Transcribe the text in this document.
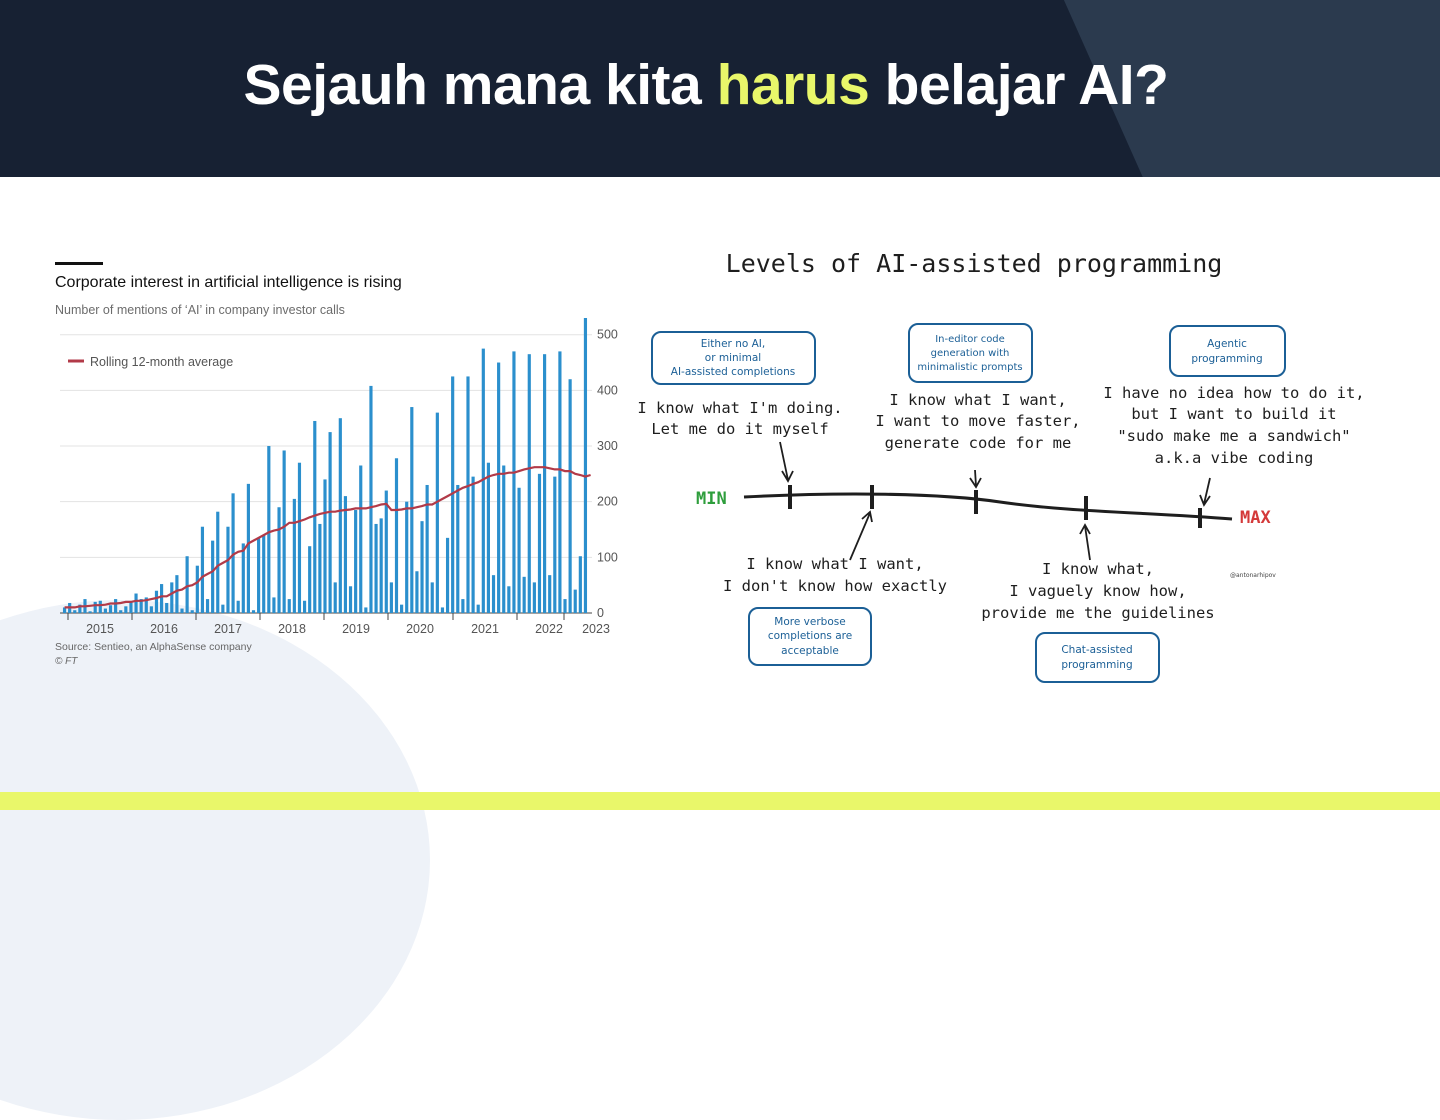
Sejauh mana kita harus belajar AI?
Corporate interest in artificial intelligence is rising
Number of mentions of ‘AI’ in company investor calls
0
100
200
300
400
500
2015	2016	2017	2018	2019	2020	2021	2022 2023
Rolling 12-month average
Source: Sentieo, an AlphaSense company
© FT
Levels of AI-assisted programming
Either no AI,
or minimal
AI-assisted completions
In-editor code
generation with
minimalistic prompts
Agentic
programming
I know what I'm doing.
Let me do it myself
I know what I want,
I want to move faster,
generate code for me
I have no idea how to do it,
but I want to build it
"sudo make me a sandwich"
a.k.a vibe coding
MIN
MAX
I know what I want,
I don't know how exactly
I know what,
I vaguely know how,
provide me the guidelines
@antonarhipov
More verbose
completions are
acceptable	Chat-assisted
programming
